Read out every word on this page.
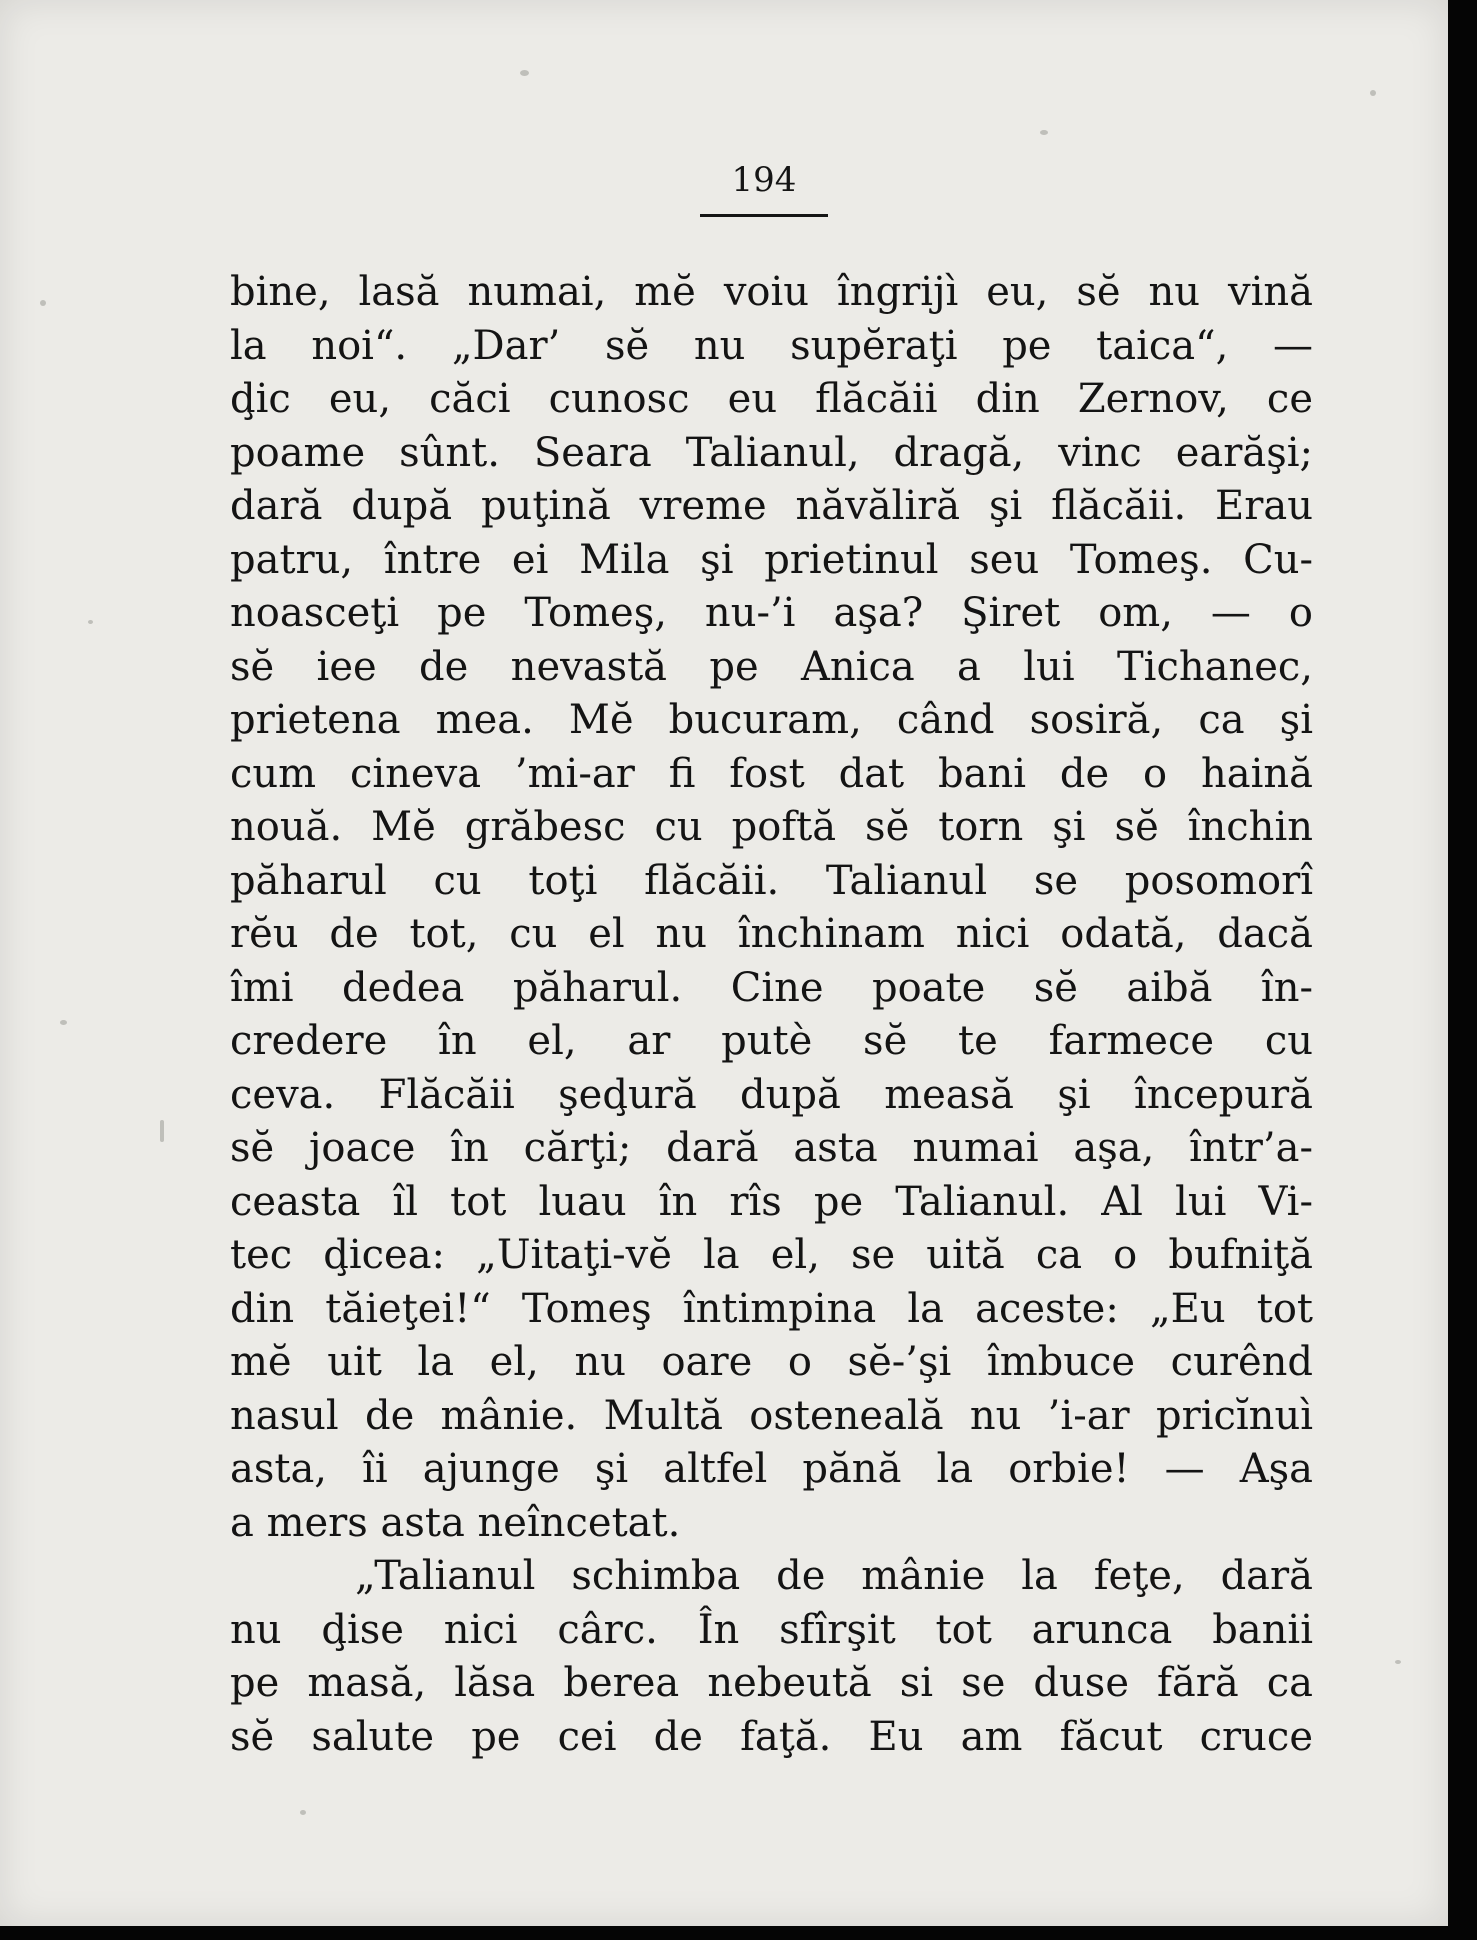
194
bine, lasă numai, mĕ voiu îngrijì eu, sĕ nu vină
la noi“. „Dar’ sĕ nu supĕraţi pe taica“, —
ḑic eu, căci cunosc eu flăcăii din Zernov, ce
poame sûnt. Seara Talianul, dragă, vinc earăşi;
dară după puţină vreme năvăliră şi flăcăii. Erau
patru, între ei Mila şi prietinul seu Tomeş. Cu-
noasceţi pe Tomeş, nu-’i aşa? Şiret om, — o
sĕ iee de nevastă pe Anica a lui Tichanec,
prietena mea. Mĕ bucuram, când sosiră, ca şi
cum cineva ’mi-ar fi fost dat bani de o haină
nouă. Mĕ grăbesc cu poftă sĕ torn şi sĕ închin
păharul cu toţi flăcăii. Talianul se posomorî
rĕu de tot, cu el nu închinam nici odată, dacă
îmi dedea păharul. Cine poate sĕ aibă în-
credere în el, ar putè sĕ te farmece cu
ceva. Flăcăii şeḑură după measă şi începură
sĕ joace în cărţi; dară asta numai aşa, într’a-
ceasta îl tot luau în rîs pe Talianul. Al lui Vi-
tec ḑicea: „Uitaţi-vĕ la el, se uită ca o bufniţă
din tăieţei!“ Tomeş întimpina la aceste: „Eu tot
mĕ uit la el, nu oare o sĕ-’şi îmbuce curênd
nasul de mânie. Multă osteneală nu ’i-ar pricĭnuì
asta, îi ajunge şi altfel pănă la orbie! — Aşa
a mers asta neîncetat.
„Talianul schimba de mânie la feţe, dară
nu ḑise nici cârc. În sfîrşit tot arunca banii
pe masă, lăsa berea nebeută si se duse fără ca
sĕ salute pe cei de faţă. Eu am făcut cruce
